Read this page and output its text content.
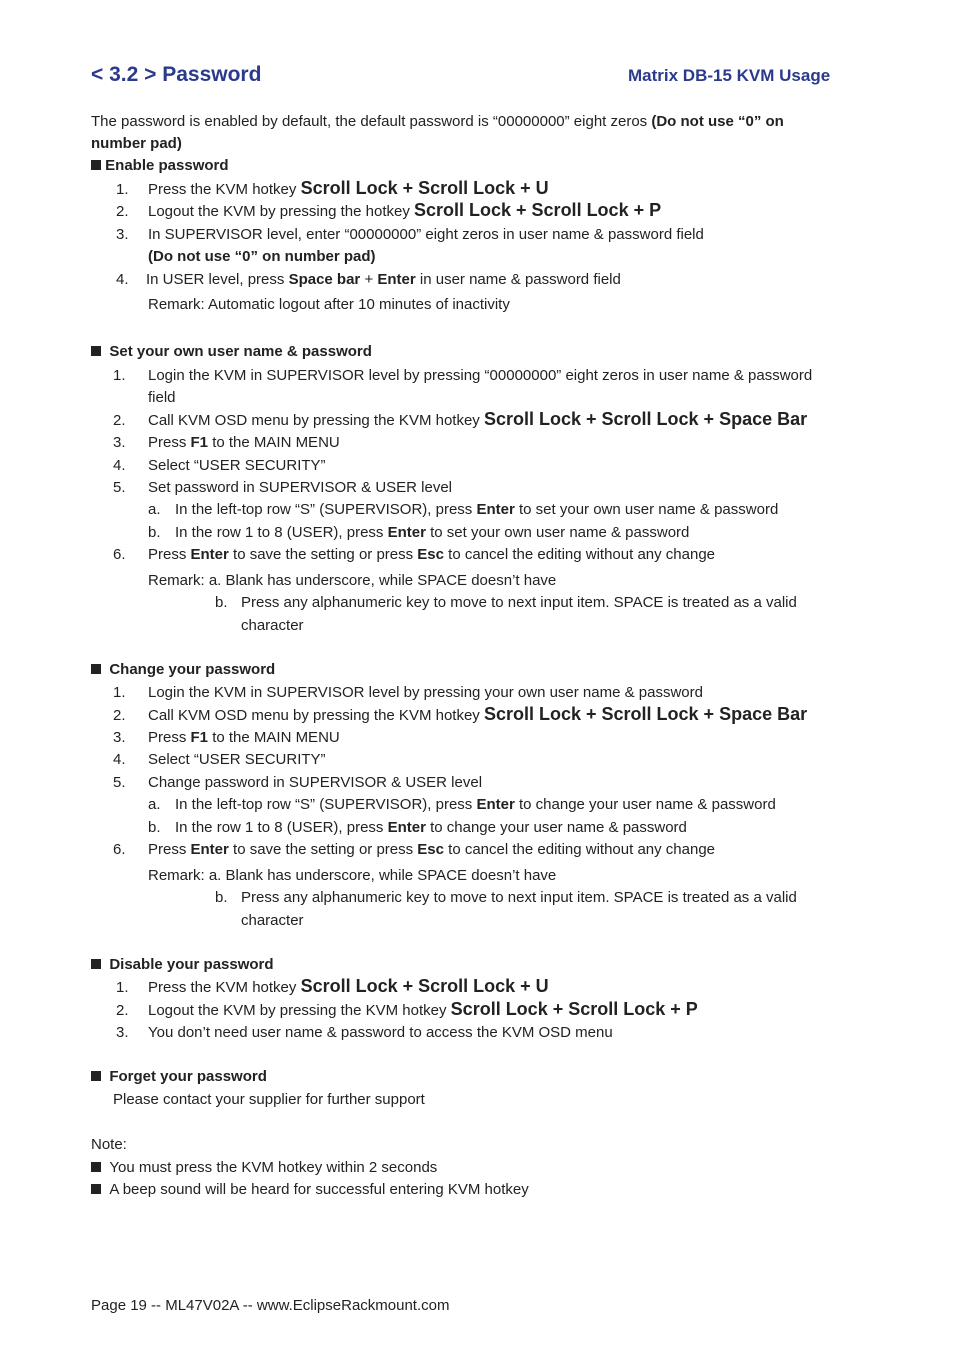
< 3.2 > Password	Matrix DB-15 KVM Usage
The password is enabled by default, the default password is “00000000” eight zeros (Do not use “0” on
number pad)
Enable password
1. Press the KVM hotkey Scroll Lock + Scroll Lock + U
2. Logout the KVM by pressing the hotkey Scroll Lock + Scroll Lock + P
3. In SUPERVISOR level, enter “00000000” eight zeros in user name & password field
(Do not use “0” on number pad)
4. In USER level, press Space bar + Enter in user name & password field
Remark: Automatic logout after 10 minutes of inactivity
Set your own user name & password
1. Login the KVM in SUPERVISOR level by pressing “00000000” eight zeros in user name & password
field
2. Call KVM OSD menu by pressing the KVM hotkey Scroll Lock + Scroll Lock + Space Bar
3. Press F1 to the MAIN MENU
4. Select “USER SECURITY”
5. Set password in SUPERVISOR & USER level
a. In the left-top row “S” (SUPERVISOR), press Enter to set your own user name & password
b. In the row 1 to 8 (USER), press Enter to set your own user name & password
6. Press Enter to save the setting or press Esc to cancel the editing without any change
Remark: a. Blank has underscore, while SPACE doesn’t have
b. Press any alphanumeric key to move to next input item. SPACE is treated as a valid
character
Change your password
1. Login the KVM in SUPERVISOR level by pressing your own user name & password
2. Call KVM OSD menu by pressing the KVM hotkey Scroll Lock + Scroll Lock + Space Bar
3. Press F1 to the MAIN MENU
4. Select “USER SECURITY”
5. Change password in SUPERVISOR & USER level
a. In the left-top row “S” (SUPERVISOR), press Enter to change your user name & password
b. In the row 1 to 8 (USER), press Enter to change your user name & password
6. Press Enter to save the setting or press Esc to cancel the editing without any change
Remark: a. Blank has underscore, while SPACE doesn’t have
b. Press any alphanumeric key to move to next input item. SPACE is treated as a valid
character
Disable your password
1. Press the KVM hotkey Scroll Lock + Scroll Lock + U
2. Logout the KVM by pressing the KVM hotkey Scroll Lock + Scroll Lock + P
3. You don’t need user name & password to access the KVM OSD menu
Forget your password
Please contact your supplier for further support
Note:
You must press the KVM hotkey within 2 seconds
A beep sound will be heard for successful entering KVM hotkey
Page 19 -- ML47V02A -- www.EclipseRackmount.com
